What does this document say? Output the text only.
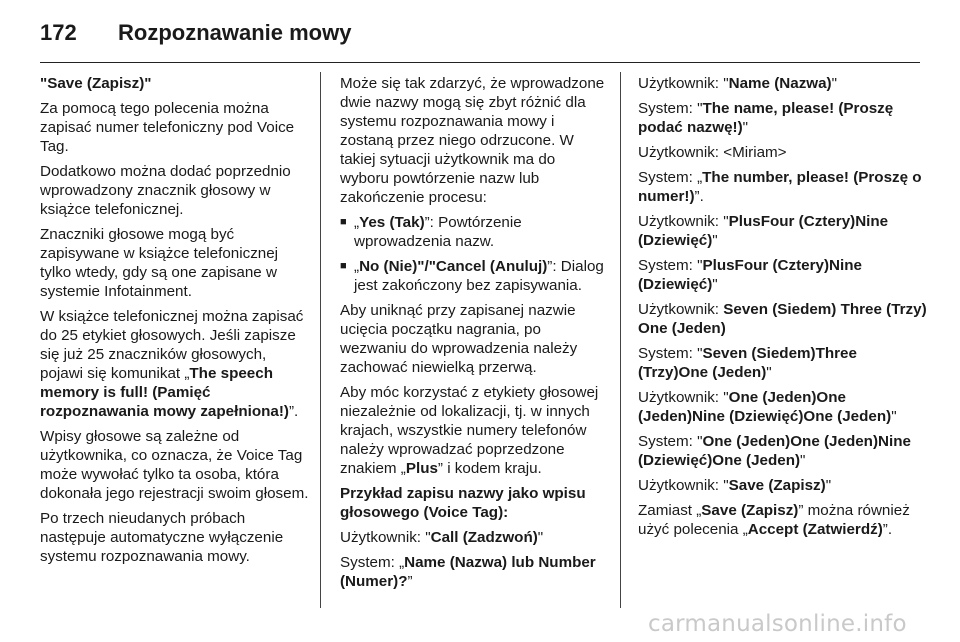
172	Rozpoznawanie mowy

"Save (Zapisz)"

Za pomocą tego polecenia można zapisać numer telefoniczny pod Voice Tag.

Dodatkowo można dodać poprzednio wprowadzony znacznik głosowy w książce telefonicznej.

Znaczniki głosowe mogą być zapisywane w książce telefonicznej tylko wtedy, gdy są one zapisane w systemie Infotainment.

W książce telefonicznej można zapisać do 25 etykiet głosowych. Jeśli zapisze się już 25 znaczników głosowych, pojawi się komunikat „The speech memory is full! (Pamięć rozpoznawania mowy zapełniona!)”.

Wpisy głosowe są zależne od użytkownika, co oznacza, że Voice Tag może wywołać tylko ta osoba, która dokonała jego rejestracji swoim głosem.

Po trzech nieudanych próbach następuje automatyczne wyłączenie systemu rozpoznawania mowy.

Może się tak zdarzyć, że wprowadzone dwie nazwy mogą się zbyt różnić dla systemu rozpoznawania mowy i zostaną przez niego odrzucone. W takiej sytuacji użytkownik ma do wyboru powtórzenie nazw lub zakończenie procesu:

■ „Yes (Tak)”: Powtórzenie wprowadzenia nazw.
■ „No (Nie)"/"Cancel (Anuluj)”: Dialog jest zakończony bez zapisywania.

Aby uniknąć przy zapisanej nazwie ucięcia początku nagrania, po wezwaniu do wprowadzenia należy zachować niewielką przerwą.

Aby móc korzystać z etykiety głosowej niezależnie od lokalizacji, tj. w innych krajach, wszystkie numery telefonów należy wprowadzać poprzedzone znakiem „Plus” i kodem kraju.

Przykład zapisu nazwy jako wpisu głosowego (Voice Tag):

Użytkownik: "Call (Zadzwoń)"

System: „Name (Nazwa) lub Number (Numer)?”

Użytkownik: "Name (Nazwa)"

System: "The name, please! (Proszę podać nazwę!)"

Użytkownik: <Miriam>

System: „The number, please! (Proszę o numer!)”.

Użytkownik: "PlusFour (Cztery)Nine (Dziewięć)"

System: "PlusFour (Cztery)Nine (Dziewięć)"

Użytkownik: Seven (Siedem) Three (Trzy) One (Jeden)

System: "Seven (Siedem)Three (Trzy)One (Jeden)"

Użytkownik: "One (Jeden)One (Jeden)Nine (Dziewięć)One (Jeden)"

System: "One (Jeden)One (Jeden)Nine (Dziewięć)One (Jeden)"

Użytkownik: "Save (Zapisz)"

Zamiast „Save (Zapisz)” można również użyć polecenia „Accept (Zatwierdź)”.

carmanualsonline.info
